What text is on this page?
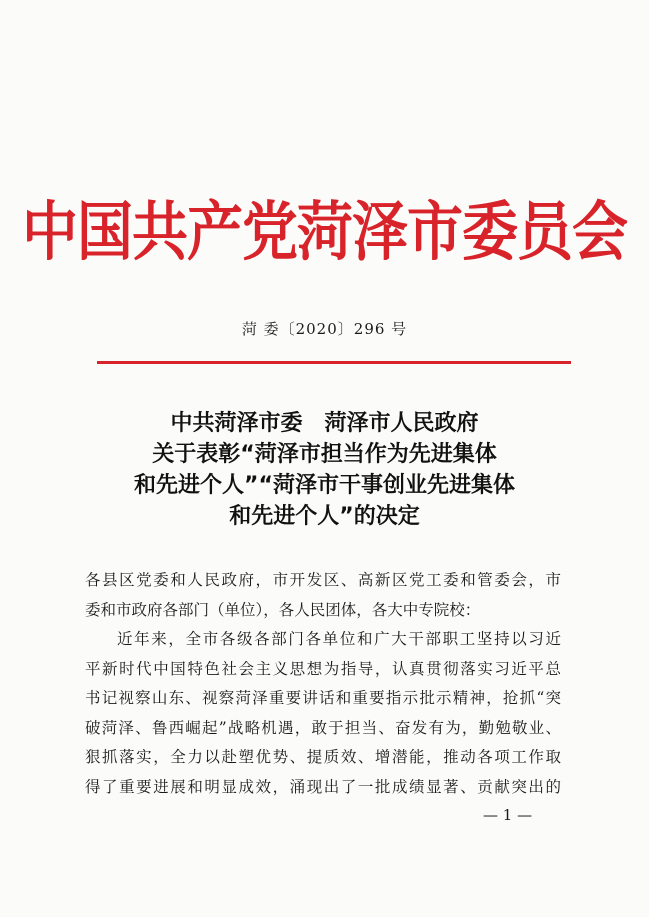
中国共产党菏泽市委员会
菏 委〔2020〕296 号
中共菏泽市委　菏泽市人民政府
关于表彰“菏泽市担当作为先进集体
和先进个人”“菏泽市干事创业先进集体
和先进个人”的决定
各县区党委和人民政府，市开发区、高新区党工委和管委会，市
委和市政府各部门（单位），各人民团体，各大中专院校：
近年来，全市各级各部门各单位和广大干部职工坚持以习近
平新时代中国特色社会主义思想为指导，认真贯彻落实习近平总
书记视察山东、视察菏泽重要讲话和重要指示批示精神，抢抓“突
破菏泽、鲁西崛起”战略机遇，敢于担当、奋发有为，勤勉敬业、
狠抓落实，全力以赴塑优势、提质效、增潜能，推动各项工作取
得了重要进展和明显成效，涌现出了一批成绩显著、贡献突出的
— 1 —
